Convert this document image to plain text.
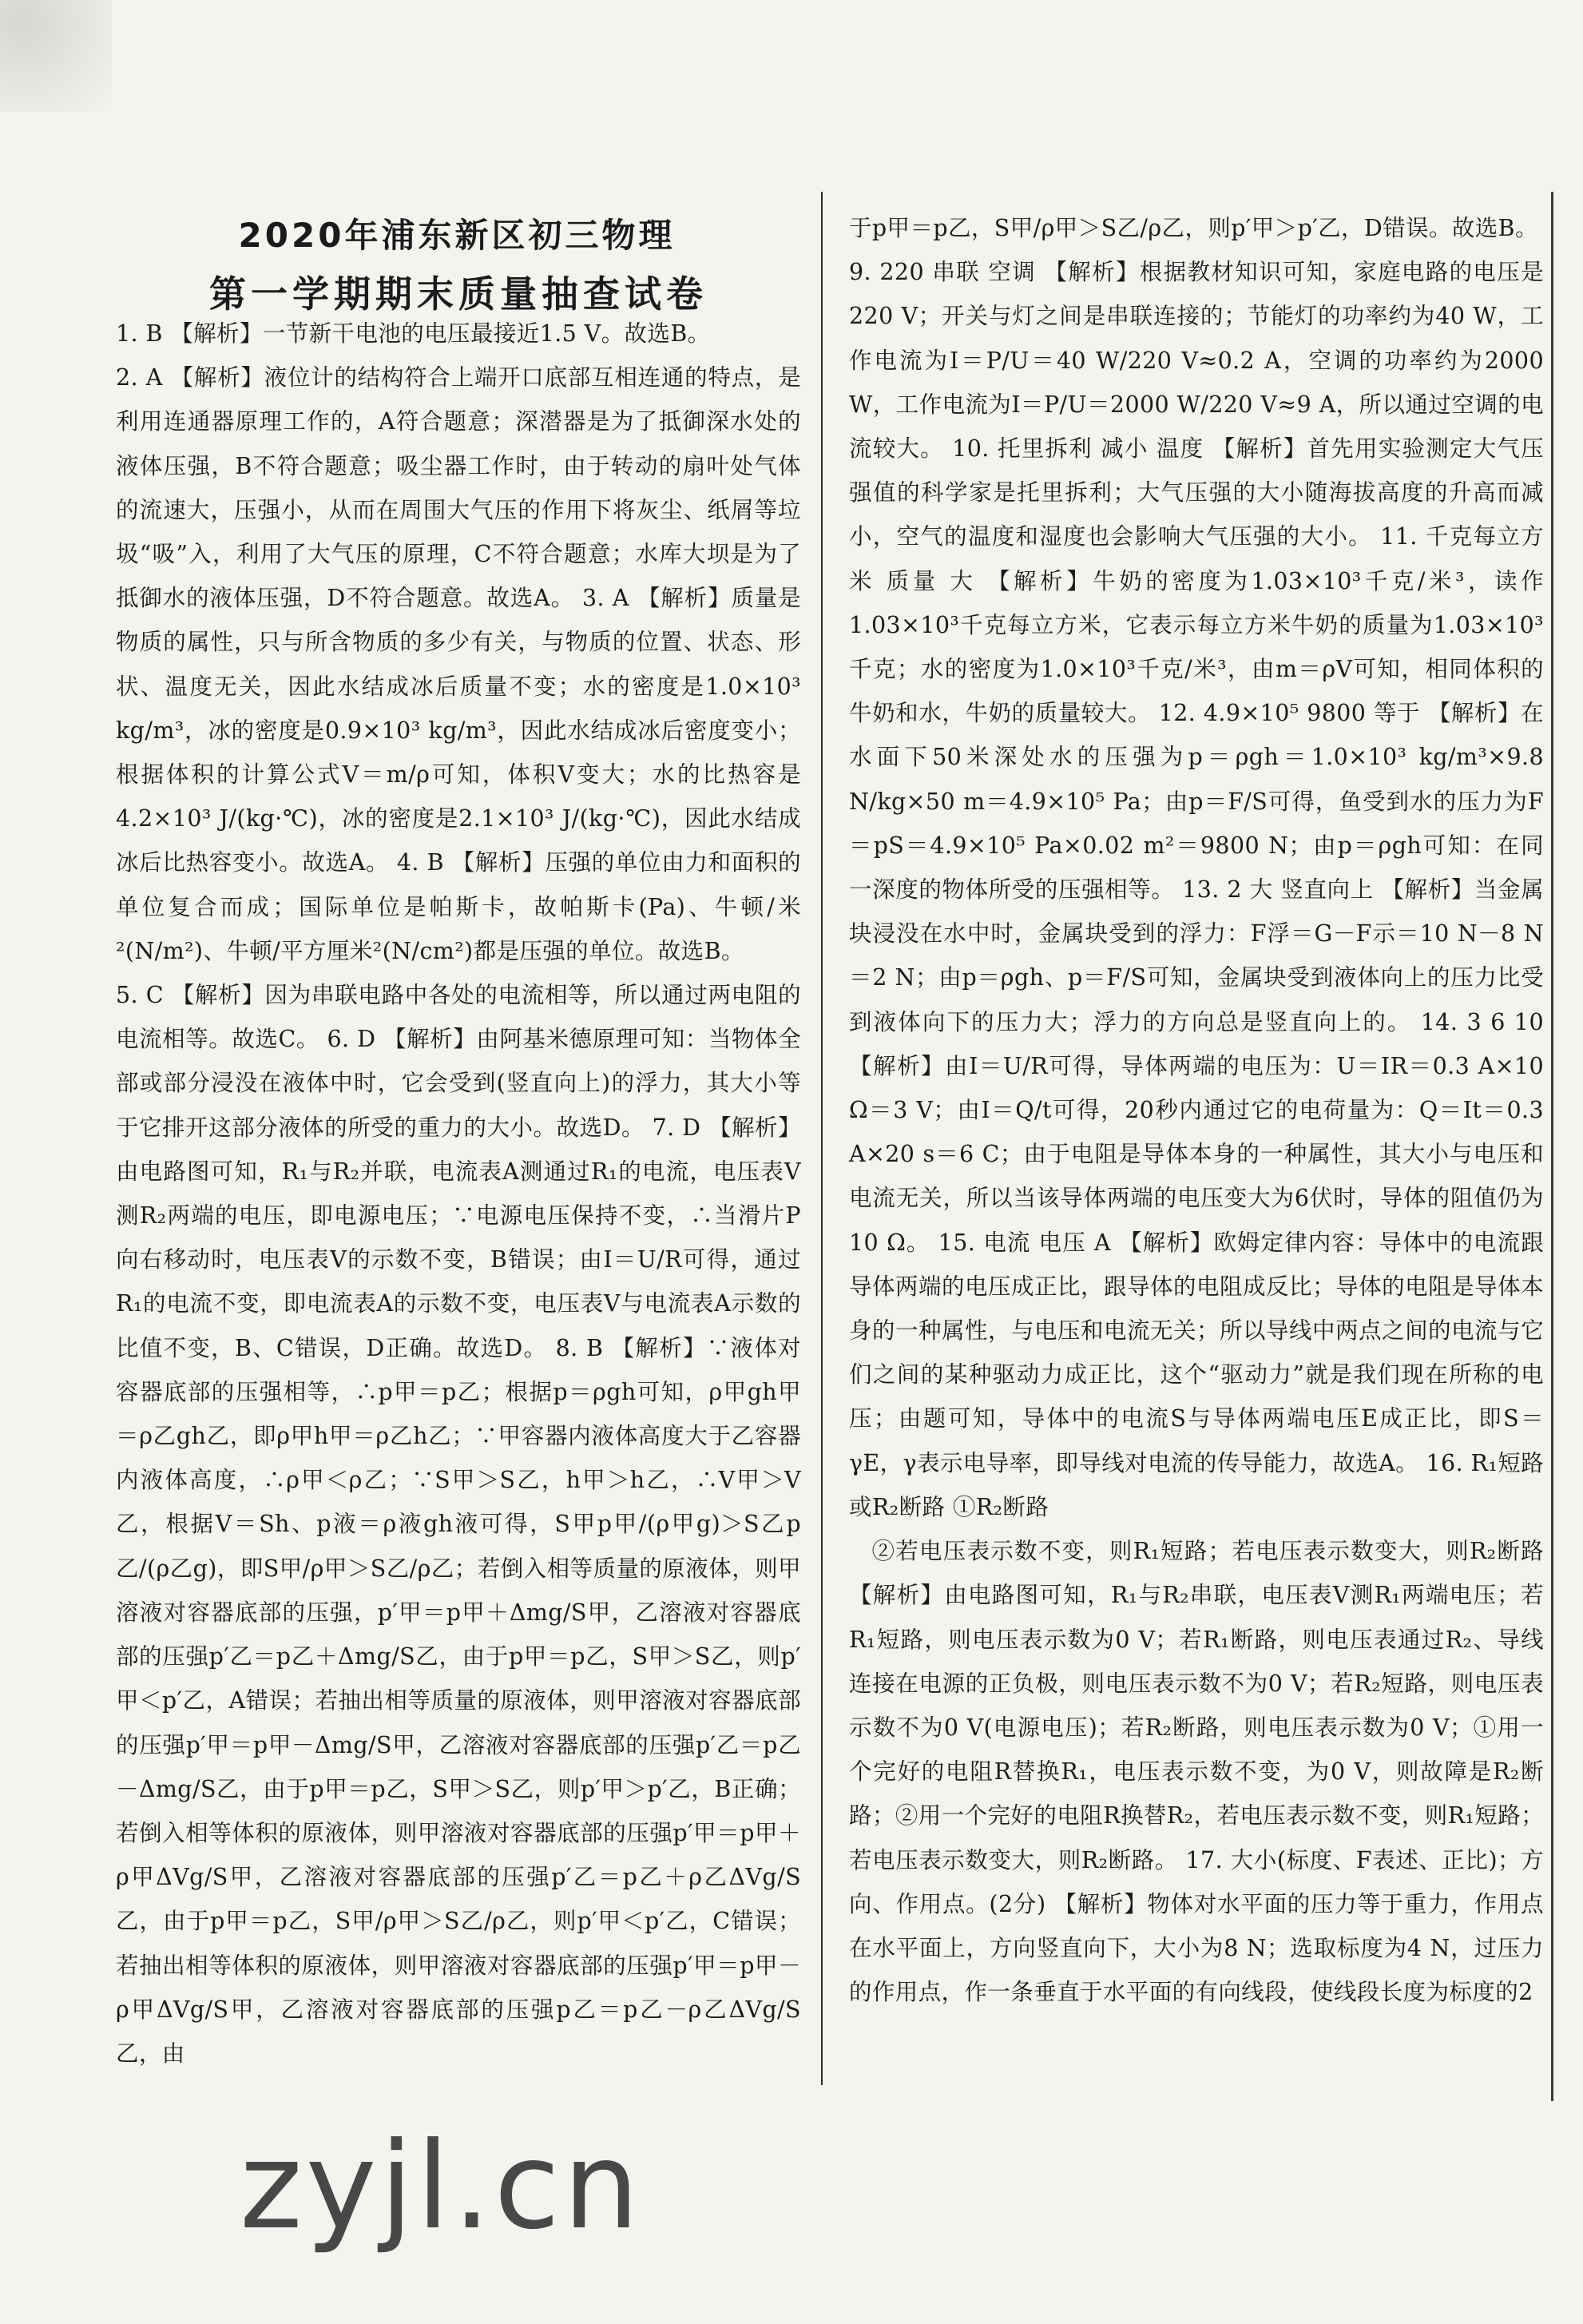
2020年浦东新区初三物理
第一学期期末质量抽查试卷

1. B 【解析】一节新干电池的电压最接近1.5 V。故选B。

2. A 【解析】液位计的结构符合上端开口底部互相连通的特点，是利用连通器原理工作的，A符合题意；深潜器是为了抵御深水处的液体压强，B不符合题意；吸尘器工作时，由于转动的扇叶处气体的流速大，压强小，从而在周围大气压的作用下将灰尘、纸屑等垃圾“吸”入，利用了大气压的原理，C不符合题意；水库大坝是为了抵御水的液体压强，D不符合题意。故选A。 3. A 【解析】质量是物质的属性，只与所含物质的多少有关，与物质的位置、状态、形状、温度无关，因此水结成冰后质量不变；水的密度是1.0×10³ kg/m³，冰的密度是0.9×10³ kg/m³，因此水结成冰后密度变小；根据体积的计算公式V＝m/ρ可知，体积V变大；水的比热容是4.2×10³ J/(kg·℃)，冰的密度是2.1×10³ J/(kg·℃)，因此水结成冰后比热容变小。故选A。 4. B 【解析】压强的单位由力和面积的单位复合而成；国际单位是帕斯卡，故帕斯卡(Pa)、牛顿/米²(N/m²)、牛顿/平方厘米²(N/cm²)都是压强的单位。故选B。

5. C 【解析】因为串联电路中各处的电流相等，所以通过两电阻的电流相等。故选C。 6. D 【解析】由阿基米德原理可知：当物体全部或部分浸没在液体中时，它会受到(竖直向上)的浮力，其大小等于它排开这部分液体的所受的重力的大小。故选D。 7. D 【解析】由电路图可知，R₁与R₂并联，电流表A测通过R₁的电流，电压表V测R₂两端的电压，即电源电压；∵电源电压保持不变，∴当滑片P向右移动时，电压表V的示数不变，B错误；由I＝U/R可得，通过R₁的电流不变，即电流表A的示数不变，电压表V与电流表A示数的比值不变，B、C错误，D正确。故选D。 8. B 【解析】∵液体对容器底部的压强相等，∴p甲＝p乙；根据p＝ρgh可知，ρ甲gh甲＝ρ乙gh乙，即ρ甲h甲＝ρ乙h乙；∵甲容器内液体高度大于乙容器内液体高度，∴ρ甲＜ρ乙；∵S甲＞S乙，h甲＞h乙，∴V甲＞V乙，根据V＝Sh、p液＝ρ液gh液可得，S甲p甲/(ρ甲g)＞S乙p乙/(ρ乙g)，即S甲/ρ甲＞S乙/ρ乙；若倒入相等质量的原液体，则甲溶液对容器底部的压强，p′甲＝p甲＋Δmg/S甲，乙溶液对容器底部的压强p′乙＝p乙＋Δmg/S乙，由于p甲＝p乙，S甲＞S乙，则p′甲＜p′乙，A错误；若抽出相等质量的原液体，则甲溶液对容器底部的压强p′甲＝p甲－Δmg/S甲，乙溶液对容器底部的压强p′乙＝p乙－Δmg/S乙，由于p甲＝p乙，S甲＞S乙，则p′甲＞p′乙，B正确；若倒入相等体积的原液体，则甲溶液对容器底部的压强p′甲＝p甲＋ρ甲ΔVg/S甲，乙溶液对容器底部的压强p′乙＝p乙＋ρ乙ΔVg/S乙，由于p甲＝p乙，S甲/ρ甲＞S乙/ρ乙，则p′甲＜p′乙，C错误；若抽出相等体积的原液体，则甲溶液对容器底部的压强p′甲＝p甲－ρ甲ΔVg/S甲，乙溶液对容器底部的压强p乙＝p乙－ρ乙ΔVg/S乙，由

于p甲＝p乙，S甲/ρ甲＞S乙/ρ乙，则p′甲＞p′乙，D错误。故选B。

9. 220 串联 空调 【解析】根据教材知识可知，家庭电路的电压是220 V；开关与灯之间是串联连接的；节能灯的功率约为40 W，工作电流为I＝P/U＝40 W/220 V≈0.2 A，空调的功率约为2000 W，工作电流为I＝P/U＝2000 W/220 V≈9 A，所以通过空调的电流较大。 10. 托里拆利 减小 温度 【解析】首先用实验测定大气压强值的科学家是托里拆利；大气压强的大小随海拔高度的升高而减小，空气的温度和湿度也会影响大气压强的大小。 11. 千克每立方米 质量 大 【解析】牛奶的密度为1.03×10³千克/米³，读作1.03×10³千克每立方米，它表示每立方米牛奶的质量为1.03×10³千克；水的密度为1.0×10³千克/米³，由m＝ρV可知，相同体积的牛奶和水，牛奶的质量较大。 12. 4.9×10⁵ 9800 等于 【解析】在水面下50米深处水的压强为p＝ρgh＝1.0×10³ kg/m³×9.8 N/kg×50 m＝4.9×10⁵ Pa；由p＝F/S可得，鱼受到水的压力为F＝pS＝4.9×10⁵ Pa×0.02 m²＝9800 N；由p＝ρgh可知：在同一深度的物体所受的压强相等。 13. 2 大 竖直向上 【解析】当金属块浸没在水中时，金属块受到的浮力：F浮＝G－F示＝10 N－8 N＝2 N；由p＝ρgh、p＝F/S可知，金属块受到液体向上的压力比受到液体向下的压力大；浮力的方向总是竖直向上的。 14. 3 6 10 【解析】由I＝U/R可得，导体两端的电压为：U＝IR＝0.3 A×10 Ω＝3 V；由I＝Q/t可得，20秒内通过它的电荷量为：Q＝It＝0.3 A×20 s＝6 C；由于电阻是导体本身的一种属性，其大小与电压和电流无关，所以当该导体两端的电压变大为6伏时，导体的阻值仍为10 Ω。 15. 电流 电压 A 【解析】欧姆定律内容：导体中的电流跟导体两端的电压成正比，跟导体的电阻成反比；导体的电阻是导体本身的一种属性，与电压和电流无关；所以导线中两点之间的电流与它们之间的某种驱动力成正比，这个“驱动力”就是我们现在所称的电压；由题可知，导体中的电流S与导体两端电压E成正比，即S＝γE，γ表示电导率，即导线对电流的传导能力，故选A。 16. R₁短路或R₂断路 ①R₂断路

②若电压表示数不变，则R₁短路；若电压表示数变大，则R₂断路 【解析】由电路图可知，R₁与R₂串联，电压表V测R₁两端电压；若R₁短路，则电压表示数为0 V；若R₁断路，则电压表通过R₂、导线连接在电源的正负极，则电压表示数不为0 V；若R₂短路，则电压表示数不为0 V(电源电压)；若R₂断路，则电压表示数为0 V；①用一个完好的电阻R替换R₁，电压表示数不变，为0 V，则故障是R₂断路；②用一个完好的电阻R换替R₂，若电压表示数不变，则R₁短路；若电压表示数变大，则R₂断路。 17. 大小(标度、F表述、正比)；方向、作用点。(2分) 【解析】物体对水平面的压力等于重力，作用点在水平面上，方向竖直向下，大小为8 N；选取标度为4 N，过压力的作用点，作一条垂直于水平面的有向线段，使线段长度为标度的2

zyjl.cn
